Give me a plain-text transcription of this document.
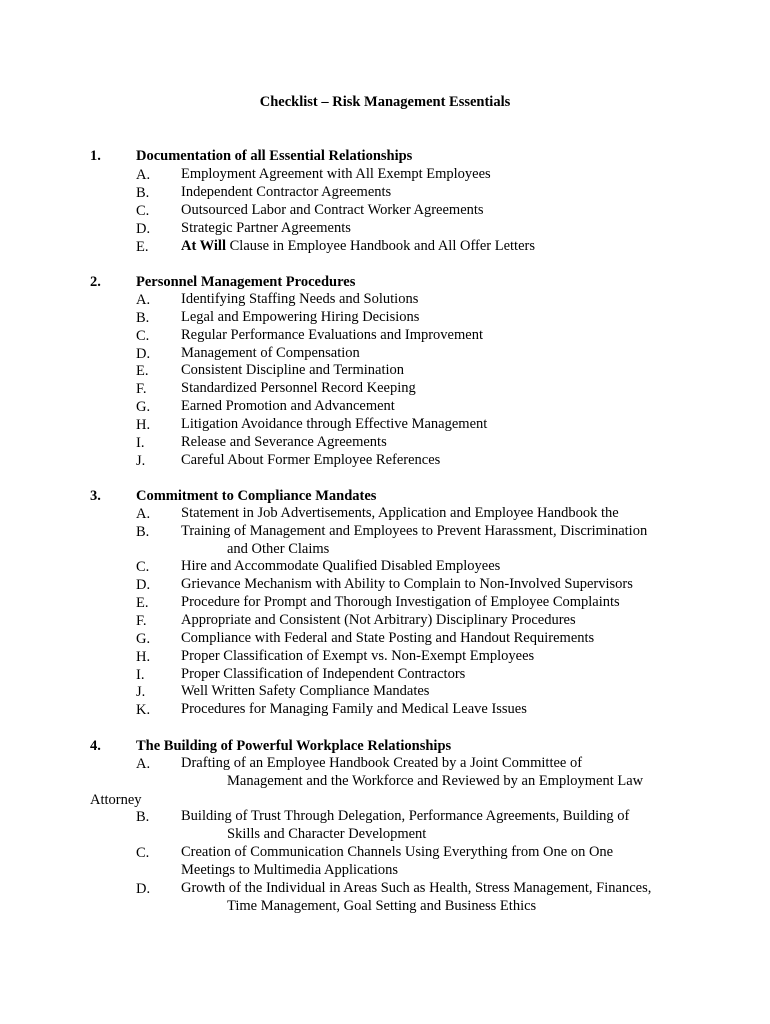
Checklist – Risk Management Essentials
1. Documentation of all Essential Relationships
A. Employment Agreement with All Exempt Employees
B. Independent Contractor Agreements
C. Outsourced Labor and Contract Worker Agreements
D. Strategic Partner Agreements
E. At Will Clause in Employee Handbook and All Offer Letters
2. Personnel Management Procedures
A. Identifying Staffing Needs and Solutions
B. Legal and Empowering Hiring Decisions
C. Regular Performance Evaluations and Improvement
D. Management of Compensation
E. Consistent Discipline and Termination
F. Standardized Personnel Record Keeping
G. Earned Promotion and Advancement
H. Litigation Avoidance through Effective Management
I.	Release and Severance Agreements
J. Careful About Former Employee References
3. Commitment to Compliance Mandates
A. Statement in Job Advertisements, Application and Employee Handbook the
B. Training of Management and Employees to Prevent Harassment, Discrimination
and Other Claims
C. Hire and Accommodate Qualified Disabled Employees
D. Grievance Mechanism with Ability to Complain to Non-Involved Supervisors
E. Procedure for Prompt and Thorough Investigation of Employee Complaints
F. Appropriate and Consistent (Not Arbitrary) Disciplinary Procedures
G. Compliance with Federal and State Posting and Handout Requirements
H. Proper Classification of Exempt vs. Non-Exempt Employees
I.	Proper Classification of Independent Contractors
J. Well Written Safety Compliance Mandates
K. Procedures for Managing Family and Medical Leave Issues
4. The Building of Powerful Workplace Relationships
A. Drafting of an Employee Handbook Created by a Joint Committee of
Management and the Workforce and Reviewed by an Employment Law
Attorney
B. Building of Trust Through Delegation, Performance Agreements, Building of
Skills and Character Development
C. Creation of Communication Channels Using Everything from One on One
Meetings to Multimedia Applications
D. Growth of the Individual in Areas Such as Health, Stress Management, Finances,
Time Management, Goal Setting and Business Ethics
